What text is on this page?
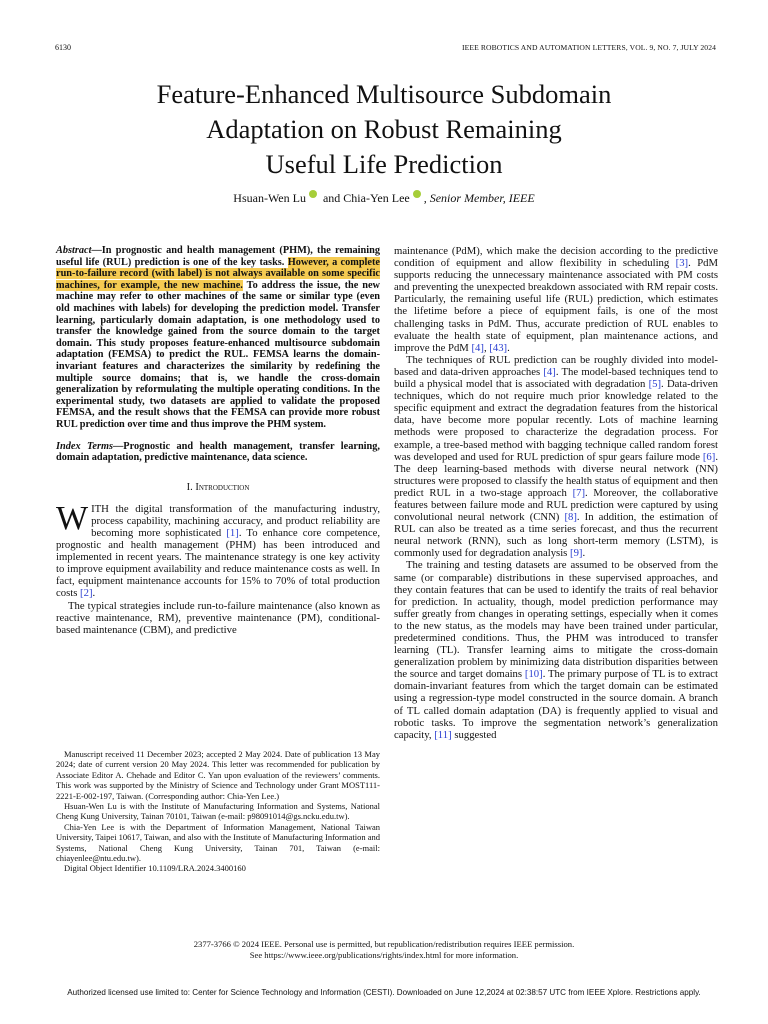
6130	IEEE ROBOTICS AND AUTOMATION LETTERS, VOL. 9, NO. 7, JULY 2024
Feature-Enhanced Multisource Subdomain
Adaptation on Robust Remaining
Useful Life Prediction
Hsuan-Wen Lu and Chia-Yen Lee , Senior Member, IEEE

Abstract—In prognostic and health management (PHM), the remaining useful life (RUL) prediction is one of the key tasks. However, a complete run-to-failure record (with label) is not always available on some specific machines, for example, the new machine. To address the issue, the new machine may refer to other machines of the same or similar type (even old machines with labels) for developing the prediction model. Transfer learning, particularly domain adaptation, is one methodology used to transfer the knowledge gained from the source domain to the target domain. This study proposes feature-enhanced multisource subdomain adaptation (FEMSA) to predict the RUL. FEMSA learns the domain-invariant features and characterizes the similarity by redefining the multiple source domains; that is, we handle the cross-domain generalization by reformulating the multiple operating conditions. In the experimental study, two datasets are applied to validate the proposed FEMSA, and the result shows that the FEMSA can provide more robust RUL prediction over time and thus improve the PHM system.

Index Terms—Prognostic and health management, transfer learning, domain adaptation, predictive maintenance, data science.

I. Introduction

WITH the digital transformation of the manufacturing industry, process capability, machining accuracy, and product reliability are becoming more sophisticated [1]. To enhance core competence, prognostic and health management (PHM) has been introduced and implemented in recent years. The maintenance strategy is one key activity to improve equipment availability and reduce maintenance costs as well. In fact, equipment maintenance accounts for 15% to 70% of total production costs [2].

The typical strategies include run-to-failure maintenance (also known as reactive maintenance, RM), preventive maintenance (PM), conditional-based maintenance (CBM), and predictive

Manuscript received 11 December 2023; accepted 2 May 2024. Date of publication 13 May 2024; date of current version 20 May 2024. This letter was recommended for publication by Associate Editor A. Chehade and Editor C. Yan upon evaluation of the reviewers’ comments. This work was supported by the Ministry of Science and Technology under Grant MOST111-2221-E-002-197, Taiwan. (Corresponding author: Chia-Yen Lee.)

Hsuan-Wen Lu is with the Institute of Manufacturing Information and Systems, National Cheng Kung University, Tainan 70101, Taiwan (e-mail: p98091014@gs.ncku.edu.tw).

Chia-Yen Lee is with the Department of Information Management, National Taiwan University, Taipei 10617, Taiwan, and also with the Institute of Manufacturing Information and Systems, National Cheng Kung University, Tainan 701, Taiwan (e-mail: chiayenlee@ntu.edu.tw).

Digital Object Identifier 10.1109/LRA.2024.3400160

maintenance (PdM), which make the decision according to the predictive condition of equipment and allow flexibility in scheduling [3]. PdM supports reducing the unnecessary maintenance associated with PM costs and preventing the unexpected breakdown associated with RM repair costs. Particularly, the remaining useful life (RUL) prediction, which estimates the lifetime before a piece of equipment fails, is one of the most challenging tasks in PdM. Thus, accurate prediction of RUL enables to evaluate the health state of equipment, plan maintenance actions, and improve the PdM [4], [43].

The techniques of RUL prediction can be roughly divided into model-based and data-driven approaches [4]. The model-based techniques tend to build a physical model that is associated with degradation [5]. Data-driven techniques, which do not require much prior knowledge related to the specific equipment and extract the degradation features from the historical data, have become more popular recently. Lots of machine learning methods were proposed to characterize the degradation process. For example, a tree-based method with bagging technique called random forest was developed and used for RUL prediction of spur gears failure mode [6]. The deep learning-based methods with diverse neural network (NN) structures were proposed to classify the health status of equipment and then predict RUL in a two-stage approach [7]. Moreover, the collaborative features between failure mode and RUL prediction were captured by using convolutional neural network (CNN) [8]. In addition, the estimation of RUL can also be treated as a time series forecast, and thus the recurrent neural network (RNN), such as long short-term memory (LSTM), is commonly used for degradation analysis [9].

The training and testing datasets are assumed to be observed from the same (or comparable) distributions in these supervised approaches, and they contain features that can be used to identify the traits of real behavior for prediction. In actuality, though, model prediction performance may suffer greatly from changes in operating settings, especially when it comes to the new status, as the models may have been trained under particular, predetermined conditions. Thus, the PHM was introduced to transfer learning (TL). Transfer learning aims to mitigate the cross-domain generalization problem by minimizing data distribution disparities between the source and target domains [10]. The primary purpose of TL is to extract domain-invariant features from which the target domain can be estimated using a regression-type model constructed in the source domain. A branch of TL called domain adaptation (DA) is frequently applied to visual and robotic tasks. To improve the segmentation network’s generalization capacity, [11] suggested

2377-3766 © 2024 IEEE. Personal use is permitted, but republication/redistribution requires IEEE permission.

See https://www.ieee.org/publications/rights/index.html for more information.

Authorized licensed use limited to: Center for Science Technology and Information (CESTI). Downloaded on June 12,2024 at 02:38:57 UTC from IEEE Xplore. Restrictions apply.
